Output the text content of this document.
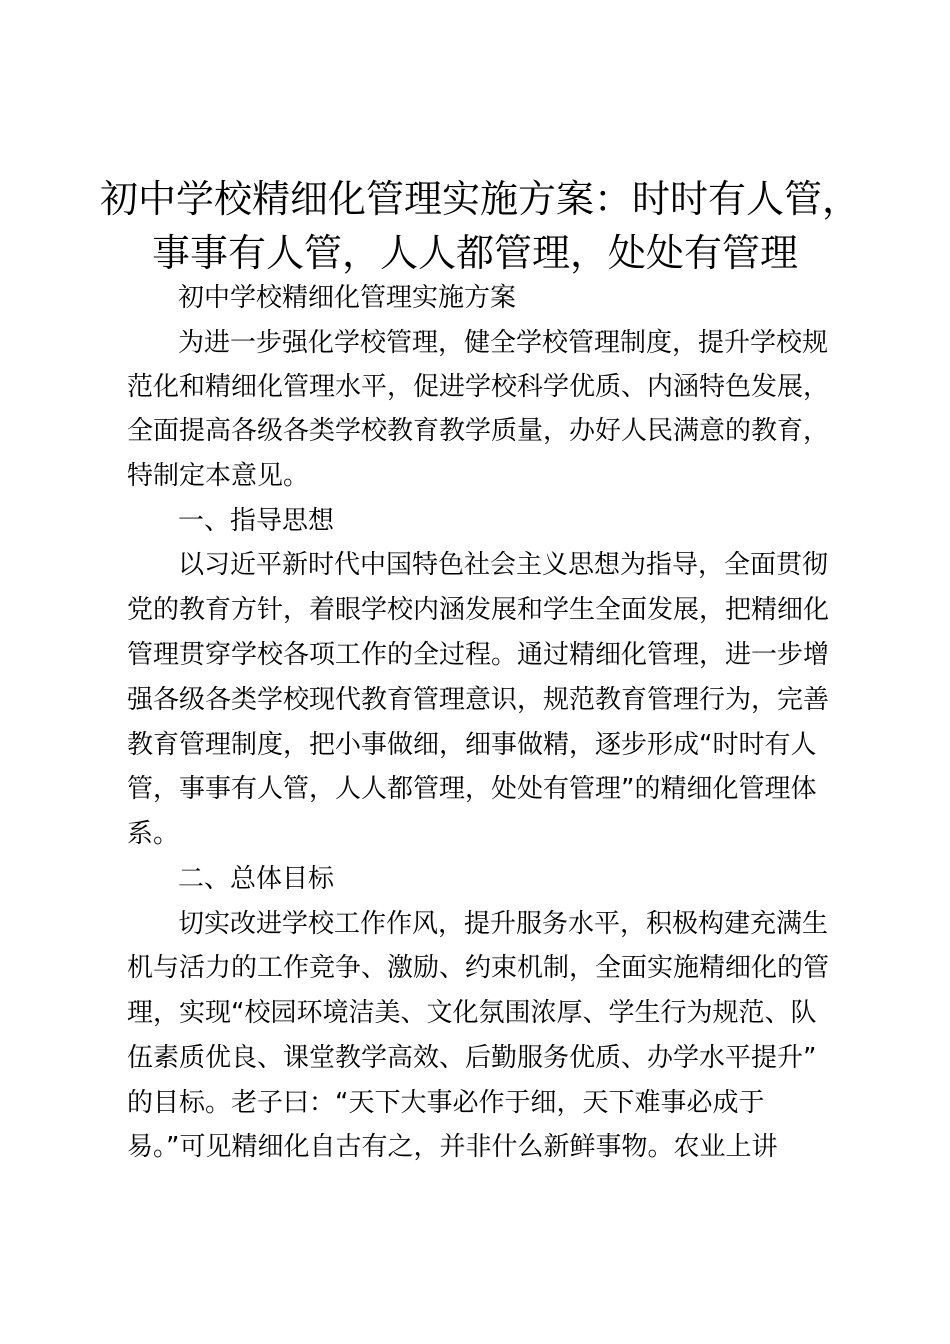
初中学校精细化管理实施方案：时时有人管，
事事有人管，人人都管理，处处有管理

初中学校精细化管理实施方案

为进一步强化学校管理，健全学校管理制度，提升学校规

范化和精细化管理水平，促进学校科学优质、内涵特色发展，

全面提高各级各类学校教育教学质量，办好人民满意的教育，

特制定本意见。

一、指导思想

以习近平新时代中国特色社会主义思想为指导，全面贯彻

党的教育方针，着眼学校内涵发展和学生全面发展，把精细化

管理贯穿学校各项工作的全过程。通过精细化管理，进一步增

强各级各类学校现代教育管理意识，规范教育管理行为，完善

教育管理制度，把小事做细，细事做精，逐步形成“时时有人

管，事事有人管，人人都管理，处处有管理”的精细化管理体

系。

二、总体目标

切实改进学校工作作风，提升服务水平，积极构建充满生

机与活力的工作竞争、激励、约束机制，全面实施精细化的管

理，实现“校园环境洁美、文化氛围浓厚、学生行为规范、队

伍素质优良、课堂教学高效、后勤服务优质、办学水平提升”

的目标。老子曰：“天下大事必作于细，天下难事必成于

易。”可见精细化自古有之，并非什么新鲜事物。农业上讲
